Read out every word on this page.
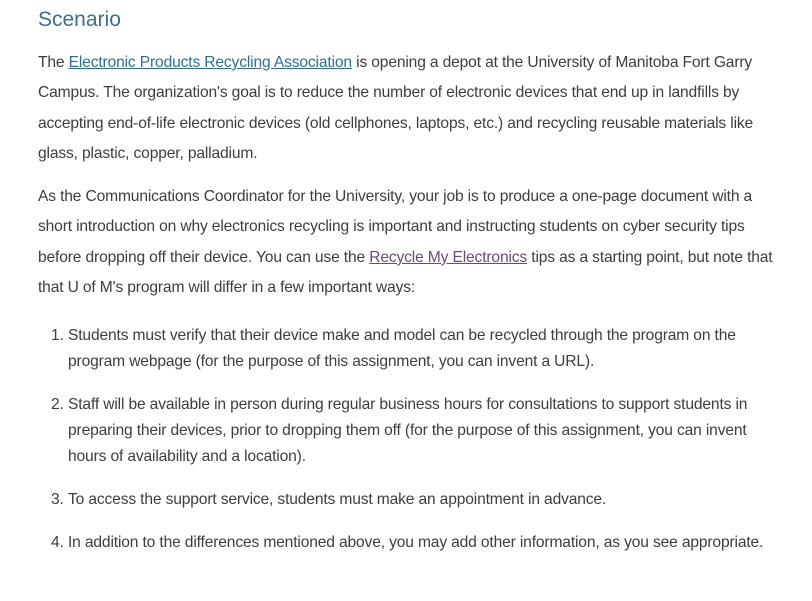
Scenario

The Electronic Products Recycling Association is opening a depot at the University of Manitoba Fort Garry Campus. The organization's goal is to reduce the number of electronic devices that end up in landfills by accepting end-of-life electronic devices (old cellphones, laptops, etc.) and recycling reusable materials like glass, plastic, copper, palladium.

As the Communications Coordinator for the University, your job is to produce a one-page document with a short introduction on why electronics recycling is important and instructing students on cyber security tips before dropping off their device. You can use the Recycle My Electronics tips as a starting point, but note that that U of M's program will differ in a few important ways:

1. Students must verify that their device make and model can be recycled through the program on the program webpage (for the purpose of this assignment, you can invent a URL).
2. Staff will be available in person during regular business hours for consultations to support students in preparing their devices, prior to dropping them off (for the purpose of this assignment, you can invent hours of availability and a location).
3. To access the support service, students must make an appointment in advance.
4. In addition to the differences mentioned above, you may add other information, as you see appropriate.
